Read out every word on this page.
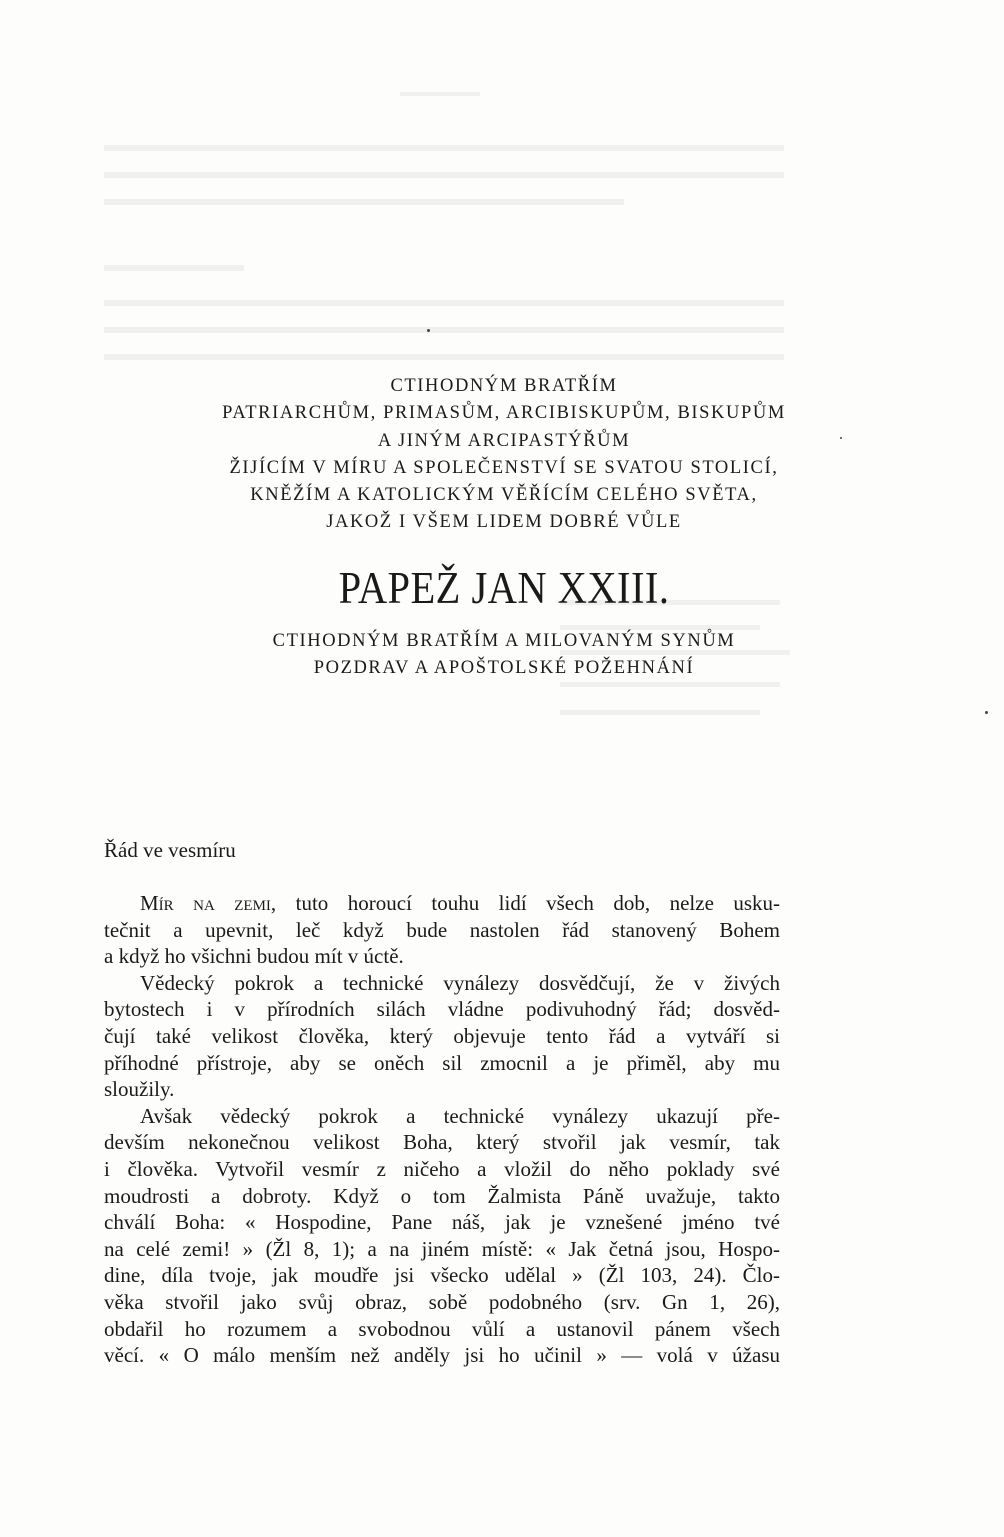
CTIHODNÝM BRATŘÍM
PATRIARCHŮM, PRIMASŮM, ARCIBISKUPŮM, BISKUPŮM
A JINÝM ARCIPASTÝŘŮM
ŽIJÍCÍM V MÍRU A SPOLEČENSTVÍ SE SVATOU STOLICÍ,
KNĚŽÍM A KATOLICKÝM VĚŘÍCÍM CELÉHO SVĚTA,
JAKOŽ I VŠEM LIDEM DOBRÉ VŮLE
PAPEŽ JAN XXIII.
CTIHODNÝM BRATŘÍM A MILOVANÝM SYNŮM
POZDRAV A APOŠTOLSKÉ POŽEHNÁNÍ
Řád ve vesmíru
Mír na zemi, tuto horoucí touhu lidí všech dob, nelze usku-
tečnit a upevnit, leč když bude nastolen řád stanovený Bohem
a když ho všichni budou mít v úctě.
Vědecký pokrok a technické vynálezy dosvědčují, že v živých
bytostech i v přírodních silách vládne podivuhodný řád; dosvěd-
čují také velikost člověka, který objevuje tento řád a vytváří si
příhodné přístroje, aby se oněch sil zmocnil a je přiměl, aby mu
sloužily.
Avšak vědecký pokrok a technické vynálezy ukazují pře-
devším nekonečnou velikost Boha, který stvořil jak vesmír, tak
i člověka. Vytvořil vesmír z ničeho a vložil do něho poklady své
moudrosti a dobroty. Když o tom Žalmista Páně uvažuje, takto
chválí Boha: « Hospodine, Pane náš, jak je vznešené jméno tvé
na celé zemi! » (Žl 8, 1); a na jiném místě: « Jak četná jsou, Hospo-
dine, díla tvoje, jak moudře jsi všecko udělal » (Žl 103, 24). Člo-
věka stvořil jako svůj obraz, sobě podobného (srv. Gn 1, 26),
obdařil ho rozumem a svobodnou vůlí a ustanovil pánem všech
věcí. « O málo menším než anděly jsi ho učinil » — volá v úžasu
